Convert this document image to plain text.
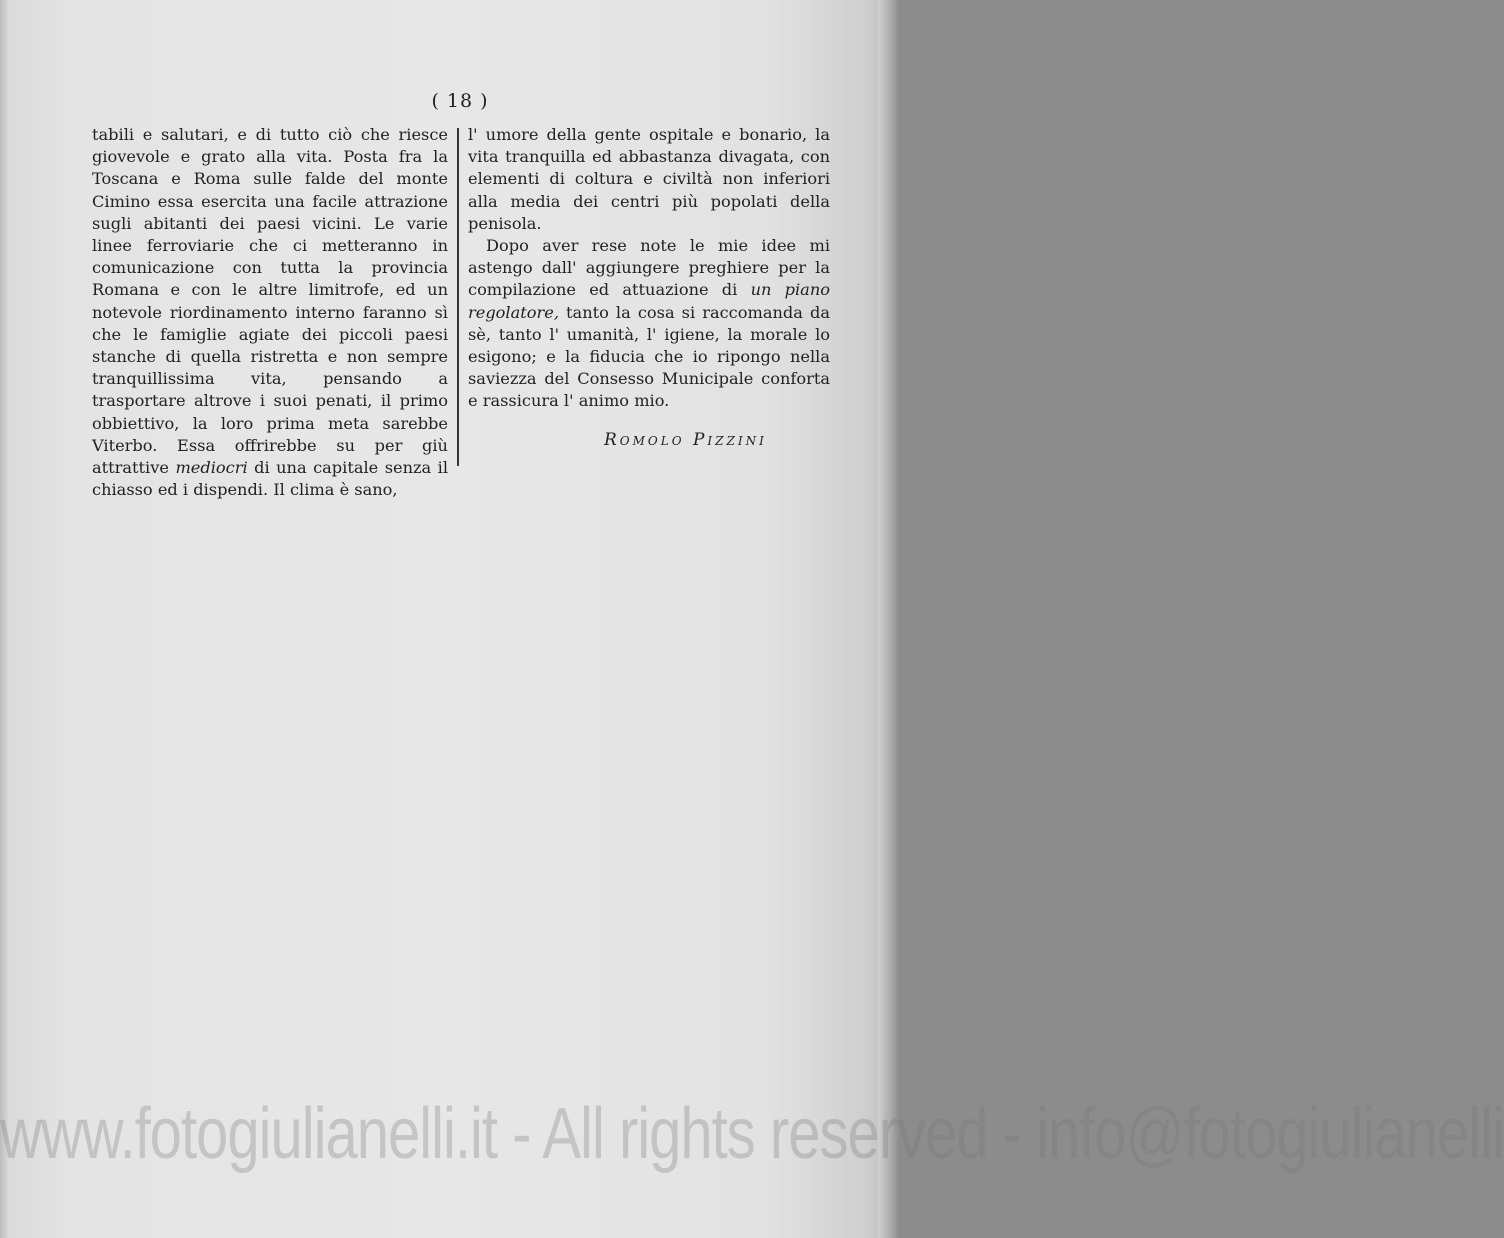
( 18 )

tabili e salutari, e di tutto ciò che riesce giovevole e grato alla vita. Posta fra la Toscana e Roma sulle falde del monte Cimino essa esercita una facile attrazione sugli abitanti dei paesi vicini. Le varie linee ferroviarie che ci metteranno in comunicazione con tutta la provincia Romana e con le altre limitrofe, ed un notevole riordinamento interno faranno sì che le famiglie agiate dei piccoli paesi stanche di quella ristretta e non sempre tranquillissima vita, pensando a trasportare altrove i suoi penati, il primo obbiettivo, la loro prima meta sarebbe Viterbo. Essa offrirebbe su per giù attrattive mediocri di una capitale senza il chiasso ed i dispendi. Il clima è sano,

l' umore della gente ospitale e bonario, la vita tranquilla ed abbastanza divagata, con elementi di coltura e civiltà non inferiori alla media dei centri più popolati della penisola.

Dopo aver rese note le mie idee mi astengo dall' aggiungere preghiere per la compilazione ed attuazione di un piano regolatore, tanto la cosa si raccomanda da sè, tanto l' umanità, l' igiene, la morale lo esigono; e la fiducia che io ripongo nella saviezza del Consesso Municipale conforta e rassicura l' animo mio.

Romolo Pizzini
www.fotogiulianelli.it - All rights reserved - info@fotogiulianelli
